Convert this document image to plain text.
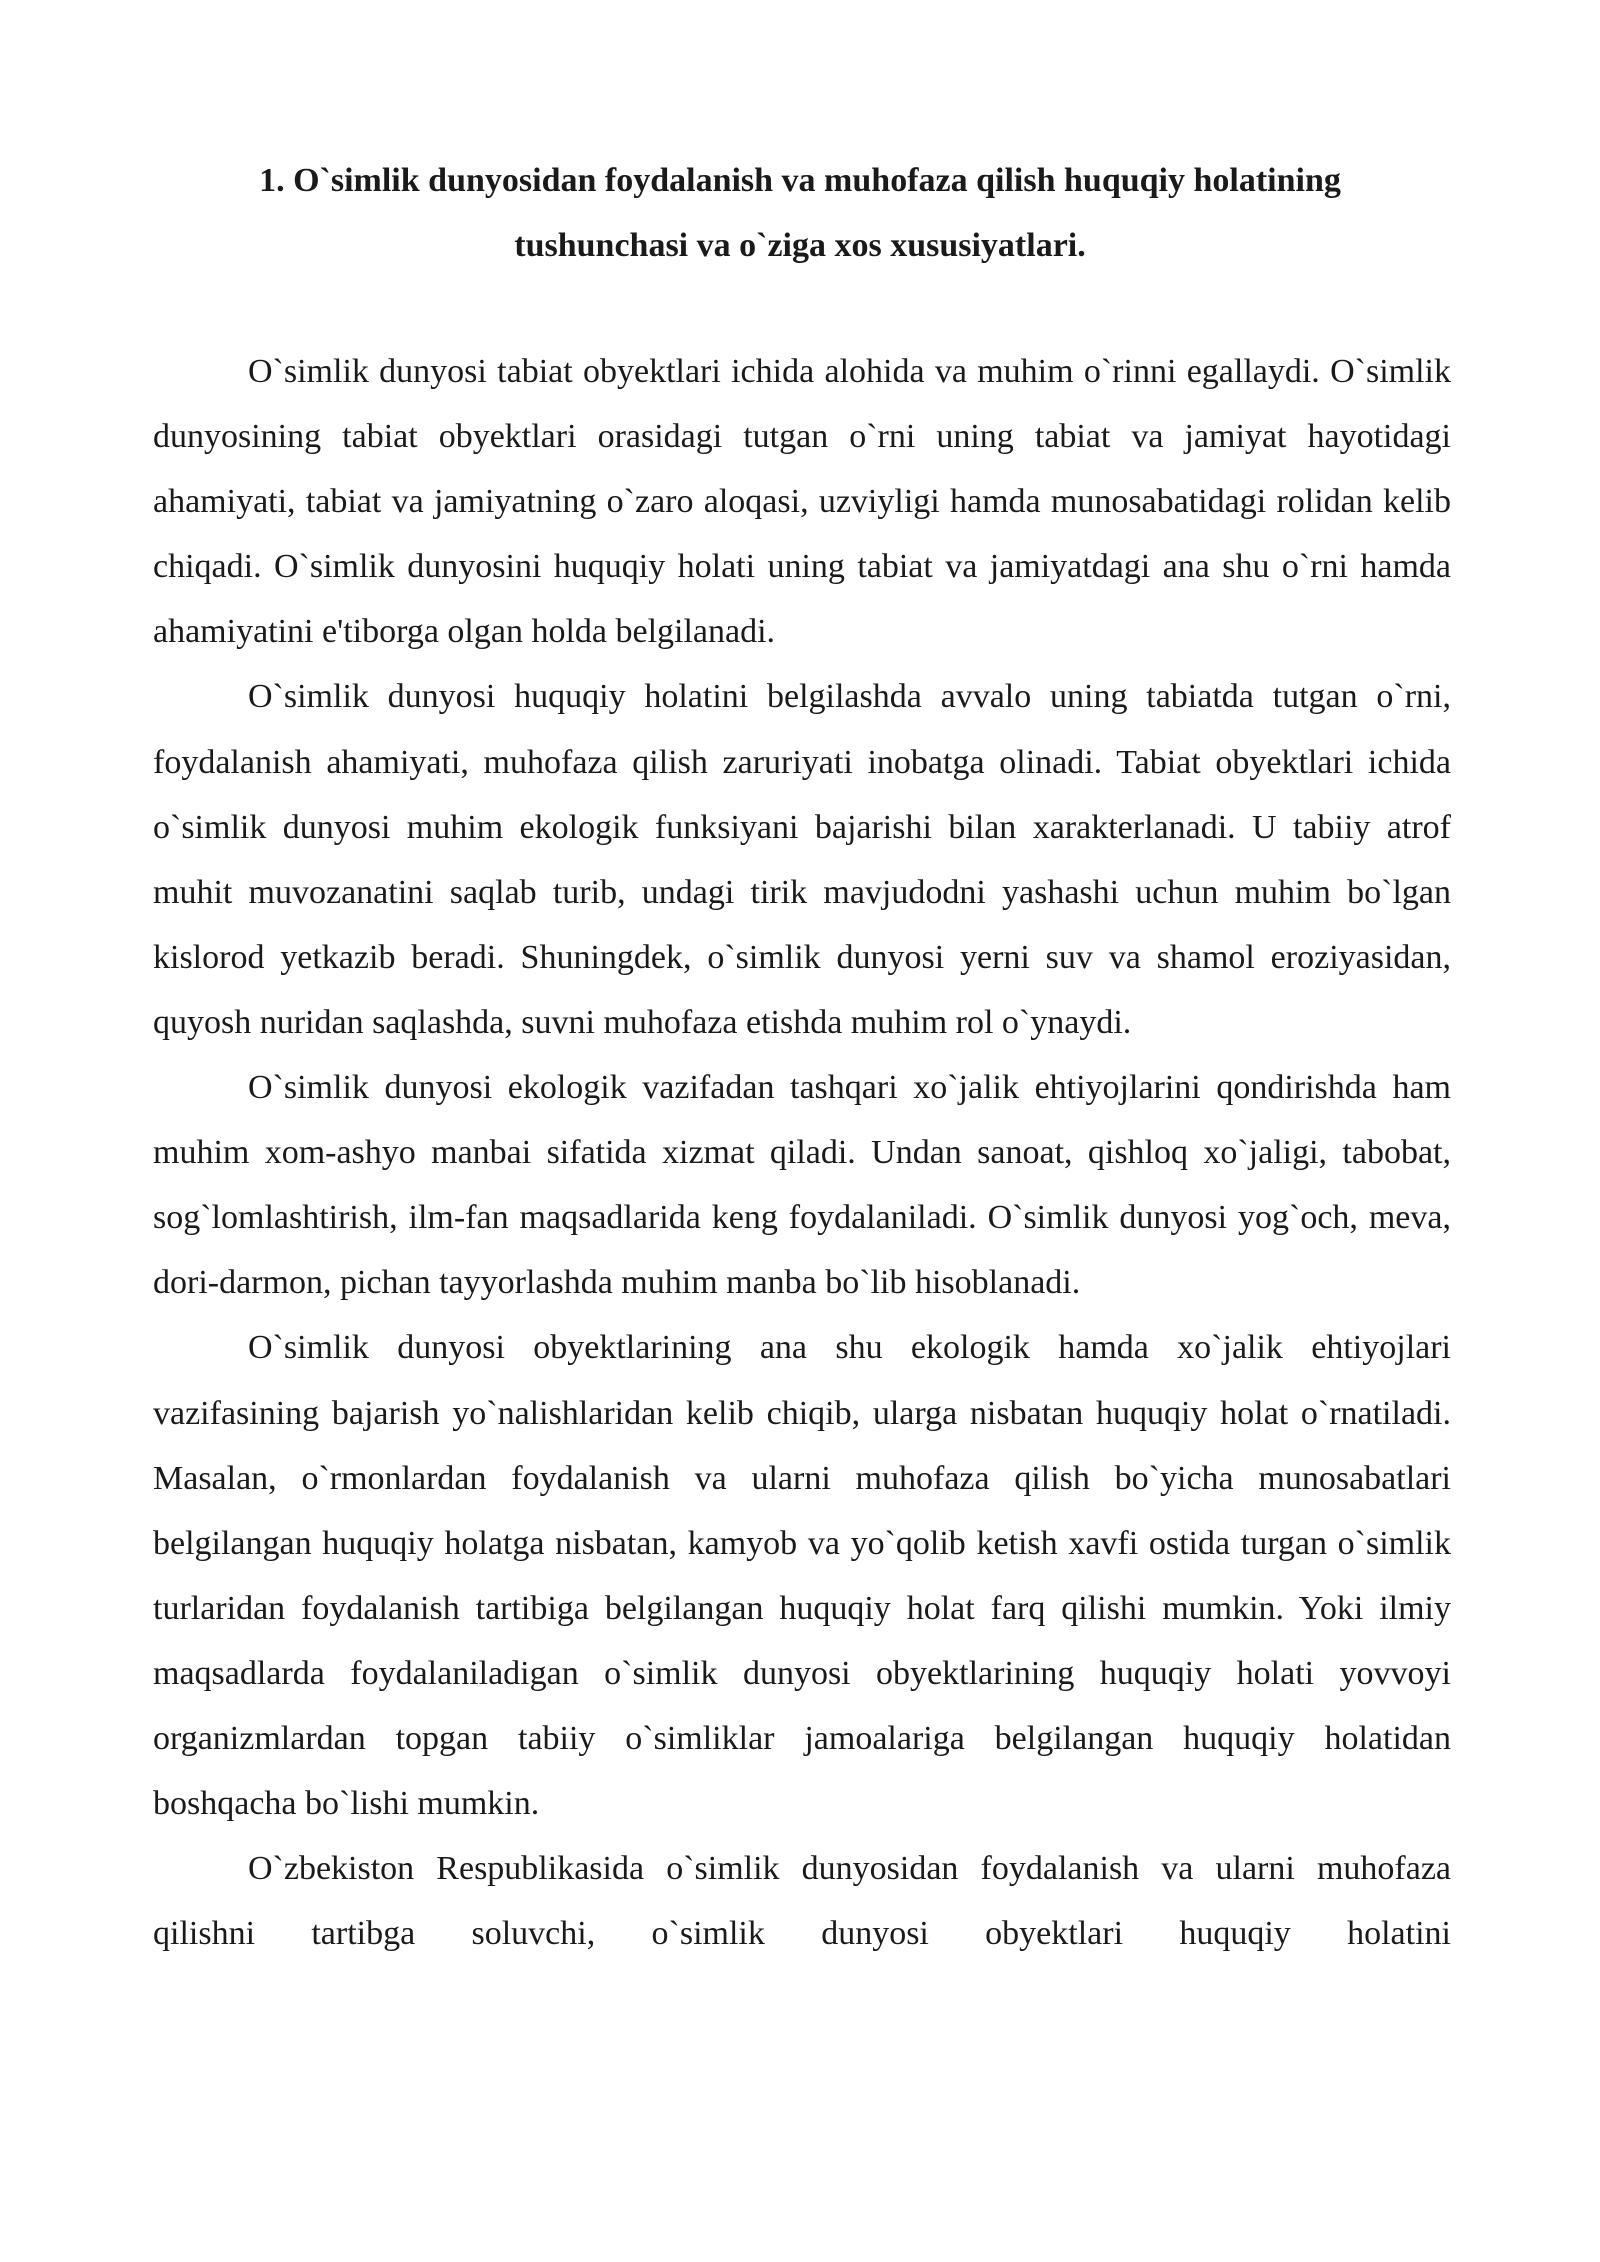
1. O`simlik dunyosidan foydalanish va muhofaza qilish huquqiy holatining
tushunchasi va o`ziga xos xususiyatlari.

O`simlik dunyosi tabiat obyektlari ichida alohida va muhim o`rinni egallaydi. O`simlik dunyosining tabiat obyektlari orasidagi tutgan o`rni uning tabiat va jamiyat hayotidagi ahamiyati, tabiat va jamiyatning o`zaro aloqasi, uzviyligi hamda munosabatidagi rolidan kelib chiqadi. O`simlik dunyosini huquqiy holati uning tabiat va jamiyatdagi ana shu o`rni hamda ahamiyatini e'tiborga olgan holda belgilanadi.

O`simlik dunyosi huquqiy holatini belgilashda avvalo uning tabiatda tutgan o`rni, foydalanish ahamiyati, muhofaza qilish zaruriyati inobatga olinadi. Tabiat obyektlari ichida o`simlik dunyosi muhim ekologik funksiyani bajarishi bilan xarakterlanadi. U tabiiy atrof muhit muvozanatini saqlab turib, undagi tirik mavjudodni yashashi uchun muhim bo`lgan kislorod yetkazib beradi. Shuningdek, o`simlik dunyosi yerni suv va shamol eroziyasidan, quyosh nuridan saqlashda, suvni muhofaza etishda muhim rol o`ynaydi.

O`simlik dunyosi ekologik vazifadan tashqari xo`jalik ehtiyojlarini qondirishda ham muhim xom-ashyo manbai sifatida xizmat qiladi. Undan sanoat, qishloq xo`jaligi, tabobat, sog`lomlashtirish, ilm-fan maqsadlarida keng foydalaniladi. O`simlik dunyosi yog`och, meva, dori-darmon, pichan tayyorlashda muhim manba bo`lib hisoblanadi.

O`simlik dunyosi obyektlarining ana shu ekologik hamda xo`jalik ehtiyojlari vazifasining bajarish yo`nalishlaridan kelib chiqib, ularga nisbatan huquqiy holat o`rnatiladi. Masalan, o`rmonlardan foydalanish va ularni muhofaza qilish bo`yicha munosabatlari belgilangan huquqiy holatga nisbatan, kamyob va yo`qolib ketish xavfi ostida turgan o`simlik turlaridan foydalanish tartibiga belgilangan huquqiy holat farq qilishi mumkin. Yoki ilmiy maqsadlarda foydalaniladigan o`simlik dunyosi obyektlarining huquqiy holati yovvoyi organizmlardan topgan tabiiy o`simliklar jamoalariga belgilangan huquqiy holatidan boshqacha bo`lishi mumkin.

O`zbekiston Respublikasida o`simlik dunyosidan foydalanish va ularni muhofaza qilishni tartibga soluvchi, o`simlik dunyosi obyektlari huquqiy holatini
